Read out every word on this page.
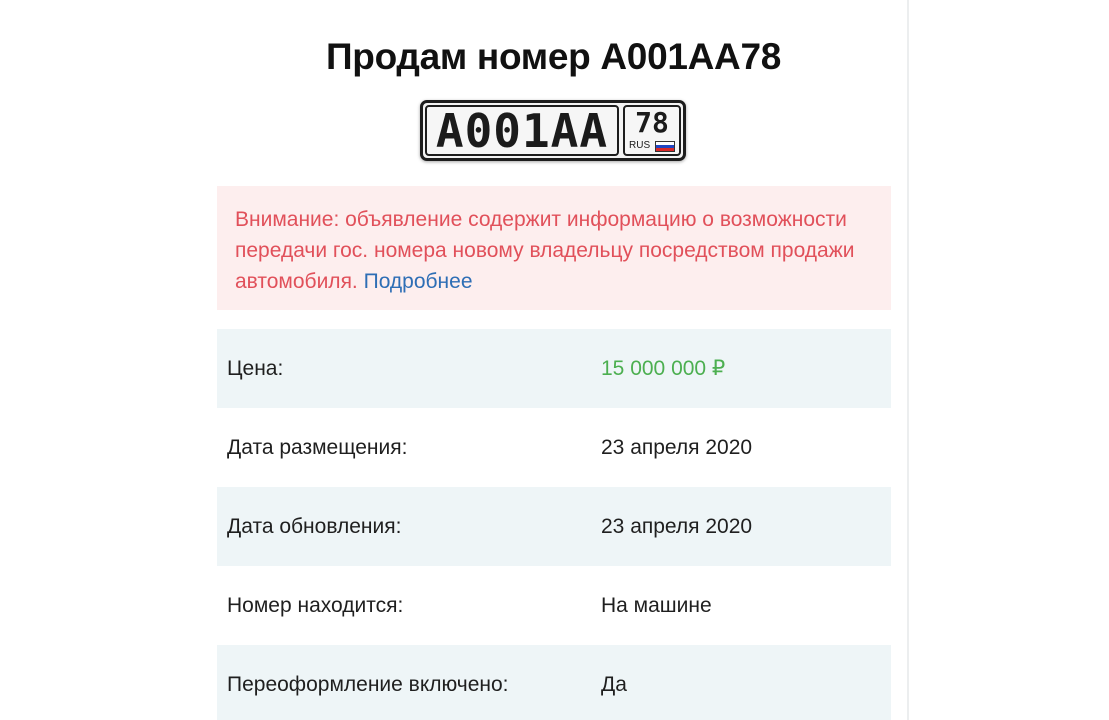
Продам номер А001АА78
А001АА 78
RUS
Внимание: объявление содержит информацию о возможности передачи гос. номера новому владельцу посредством продажи автомобиля. Подробнее
Цена:	15 000 000 ₽
Дата размещения:	23 апреля 2020
Дата обновления:	23 апреля 2020
Номер находится:	На машине
Переоформление включено:	Да
